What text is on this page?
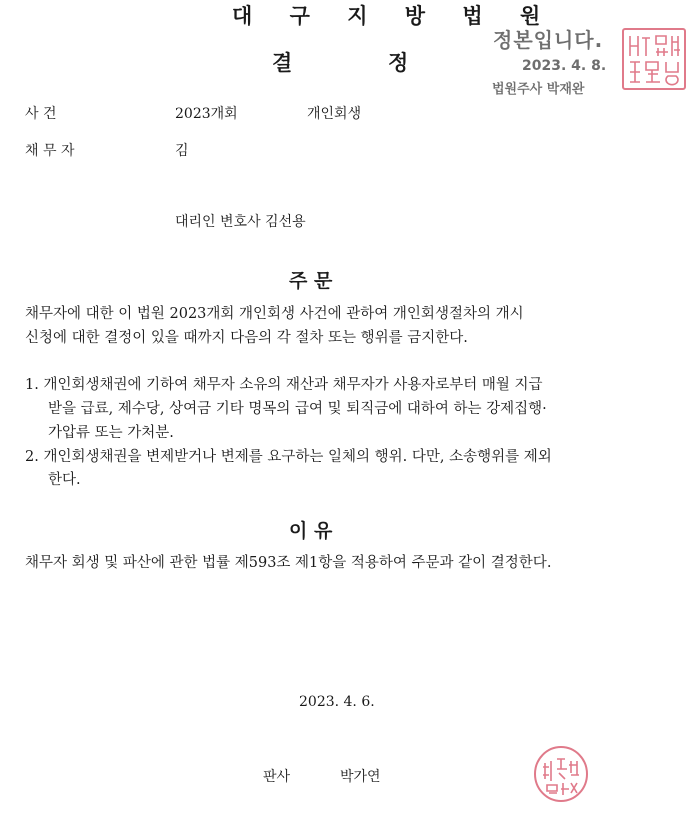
대 구 지 방 법 원
결	정
정본입니다.
2023. 4. 8.
법원주사 박재완
사 건	2023개회	개인회생
채 무 자	김
대리인 변호사 김선용
주 문
채무자에 대한 이 법원 2023개회 개인회생 사건에 관하여 개인회생절차의 개시
신청에 대한 결정이 있을 때까지 다음의 각 절차 또는 행위를 금지한다.
1. 개인회생채권에 기하여 채무자 소유의 재산과 채무자가 사용자로부터 매월 지급
받을 급료, 제수당, 상여금 기타 명목의 급여 및 퇴직금에 대하여 하는 강제집행·
가압류 또는 가처분.
2. 개인회생채권을 변제받거나 변제를 요구하는 일체의 행위. 다만, 소송행위를 제외
한다.
이 유
채무자 회생 및 파산에 관한 법률 제593조 제1항을 적용하여 주문과 같이 결정한다.
2023. 4. 6.
판사	박가연
